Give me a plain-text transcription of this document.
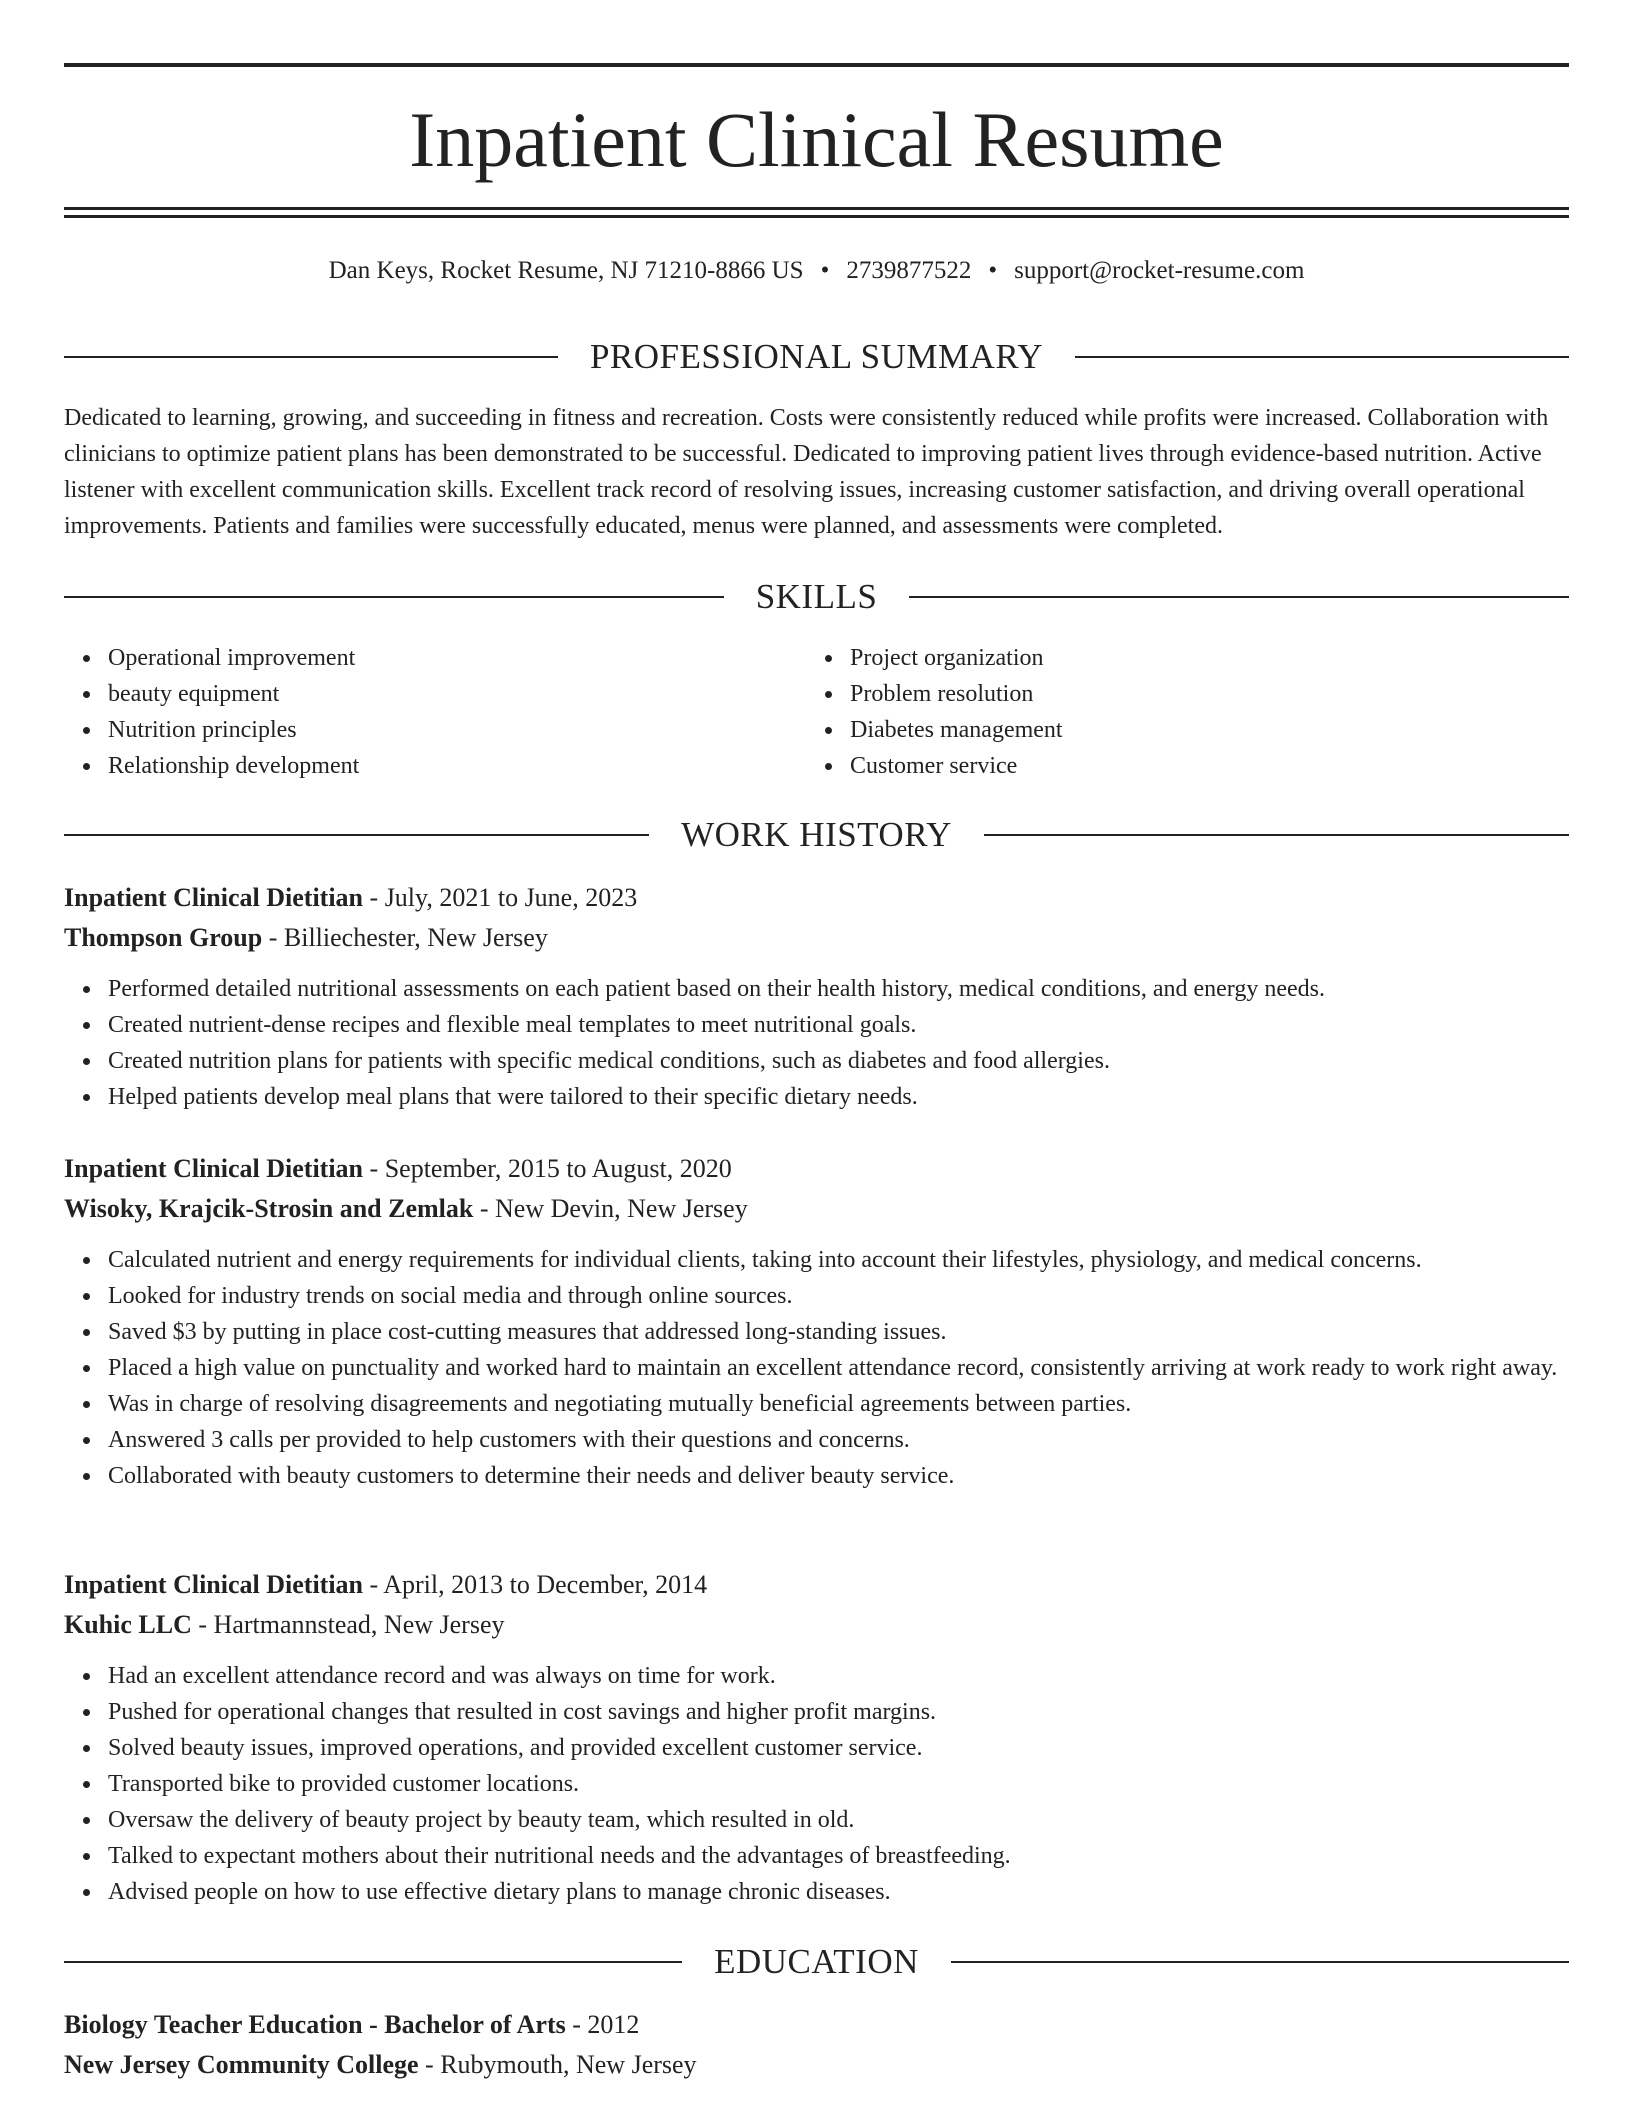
Inpatient Clinical Resume
Dan Keys, Rocket Resume, NJ 71210-8866 US • 2739877522 • support@rocket-resume.com
PROFESSIONAL SUMMARY
Dedicated to learning, growing, and succeeding in fitness and recreation. Costs were consistently reduced while profits were increased. Collaboration with clinicians to optimize patient plans has been demonstrated to be successful. Dedicated to improving patient lives through evidence-based nutrition. Active listener with excellent communication skills. Excellent track record of resolving issues, increasing customer satisfaction, and driving overall operational improvements. Patients and families were successfully educated, menus were planned, and assessments were completed.
SKILLS
Operational improvement
beauty equipment
Nutrition principles
Relationship development
Project organization
Problem resolution
Diabetes management
Customer service
WORK HISTORY
Inpatient Clinical Dietitian - July, 2021 to June, 2023
Thompson Group - Billiechester, New Jersey
Performed detailed nutritional assessments on each patient based on their health history, medical conditions, and energy needs.
Created nutrient-dense recipes and flexible meal templates to meet nutritional goals.
Created nutrition plans for patients with specific medical conditions, such as diabetes and food allergies.
Helped patients develop meal plans that were tailored to their specific dietary needs.
Inpatient Clinical Dietitian - September, 2015 to August, 2020
Wisoky, Krajcik-Strosin and Zemlak - New Devin, New Jersey
Calculated nutrient and energy requirements for individual clients, taking into account their lifestyles, physiology, and medical concerns.
Looked for industry trends on social media and through online sources.
Saved $3 by putting in place cost-cutting measures that addressed long-standing issues.
Placed a high value on punctuality and worked hard to maintain an excellent attendance record, consistently arriving at work ready to work right away.
Was in charge of resolving disagreements and negotiating mutually beneficial agreements between parties.
Answered 3 calls per provided to help customers with their questions and concerns.
Collaborated with beauty customers to determine their needs and deliver beauty service.
Inpatient Clinical Dietitian - April, 2013 to December, 2014
Kuhic LLC - Hartmannstead, New Jersey
Had an excellent attendance record and was always on time for work.
Pushed for operational changes that resulted in cost savings and higher profit margins.
Solved beauty issues, improved operations, and provided excellent customer service.
Transported bike to provided customer locations.
Oversaw the delivery of beauty project by beauty team, which resulted in old.
Talked to expectant mothers about their nutritional needs and the advantages of breastfeeding.
Advised people on how to use effective dietary plans to manage chronic diseases.
EDUCATION
Biology Teacher Education - Bachelor of Arts - 2012
New Jersey Community College - Rubymouth, New Jersey
